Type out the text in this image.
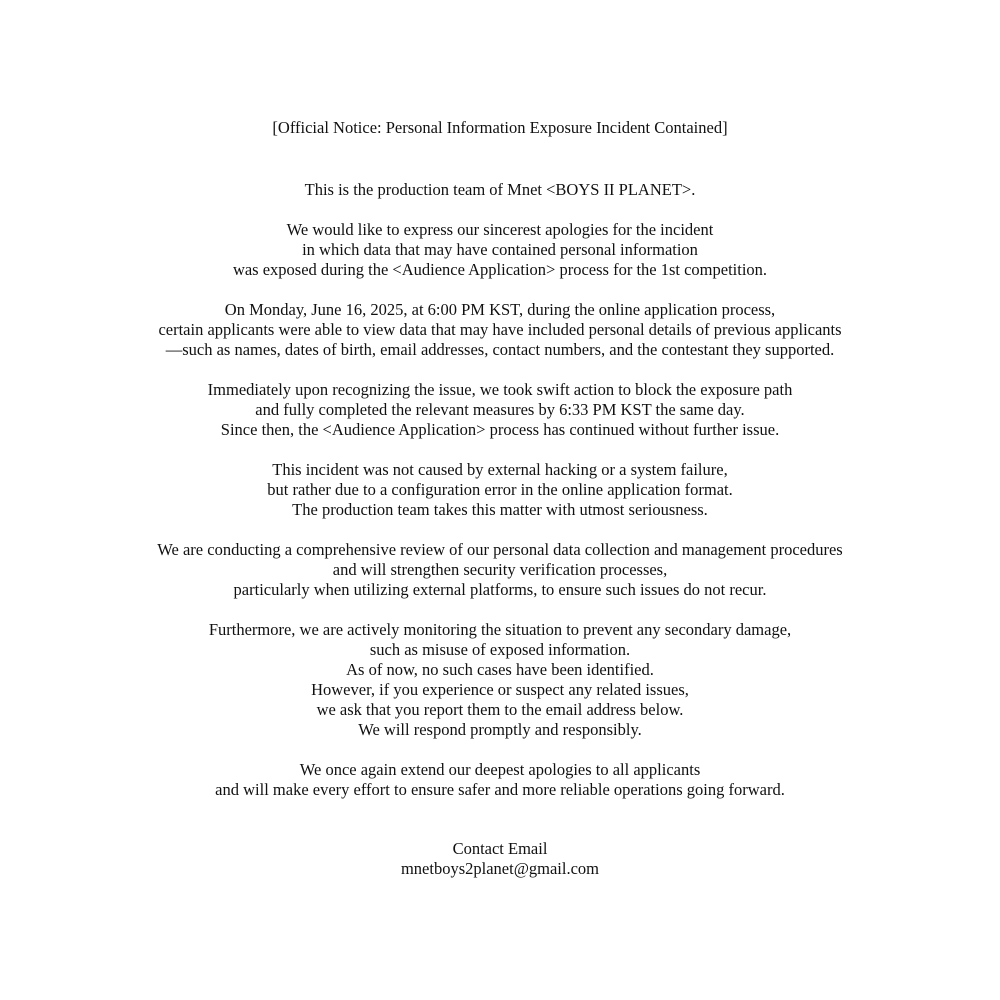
[Official Notice: Personal Information Exposure Incident Contained]
This is the production team of Mnet <BOYS II PLANET>.
We would like to express our sincerest apologies for the incident
in which data that may have contained personal information
was exposed during the <Audience Application> process for the 1st competition.
On Monday, June 16, 2025, at 6:00 PM KST, during the online application process,
certain applicants were able to view data that may have included personal details of previous applicants
—such as names, dates of birth, email addresses, contact numbers, and the contestant they supported.
Immediately upon recognizing the issue, we took swift action to block the exposure path
and fully completed the relevant measures by 6:33 PM KST the same day.
Since then, the <Audience Application> process has continued without further issue.
This incident was not caused by external hacking or a system failure,
but rather due to a configuration error in the online application format.
The production team takes this matter with utmost seriousness.
We are conducting a comprehensive review of our personal data collection and management procedures
and will strengthen security verification processes,
particularly when utilizing external platforms, to ensure such issues do not recur.
Furthermore, we are actively monitoring the situation to prevent any secondary damage,
such as misuse of exposed information.
As of now, no such cases have been identified.
However, if you experience or suspect any related issues,
we ask that you report them to the email address below.
We will respond promptly and responsibly.
We once again extend our deepest apologies to all applicants
and will make every effort to ensure safer and more reliable operations going forward.
Contact Email
mnetboys2planet@gmail.com
